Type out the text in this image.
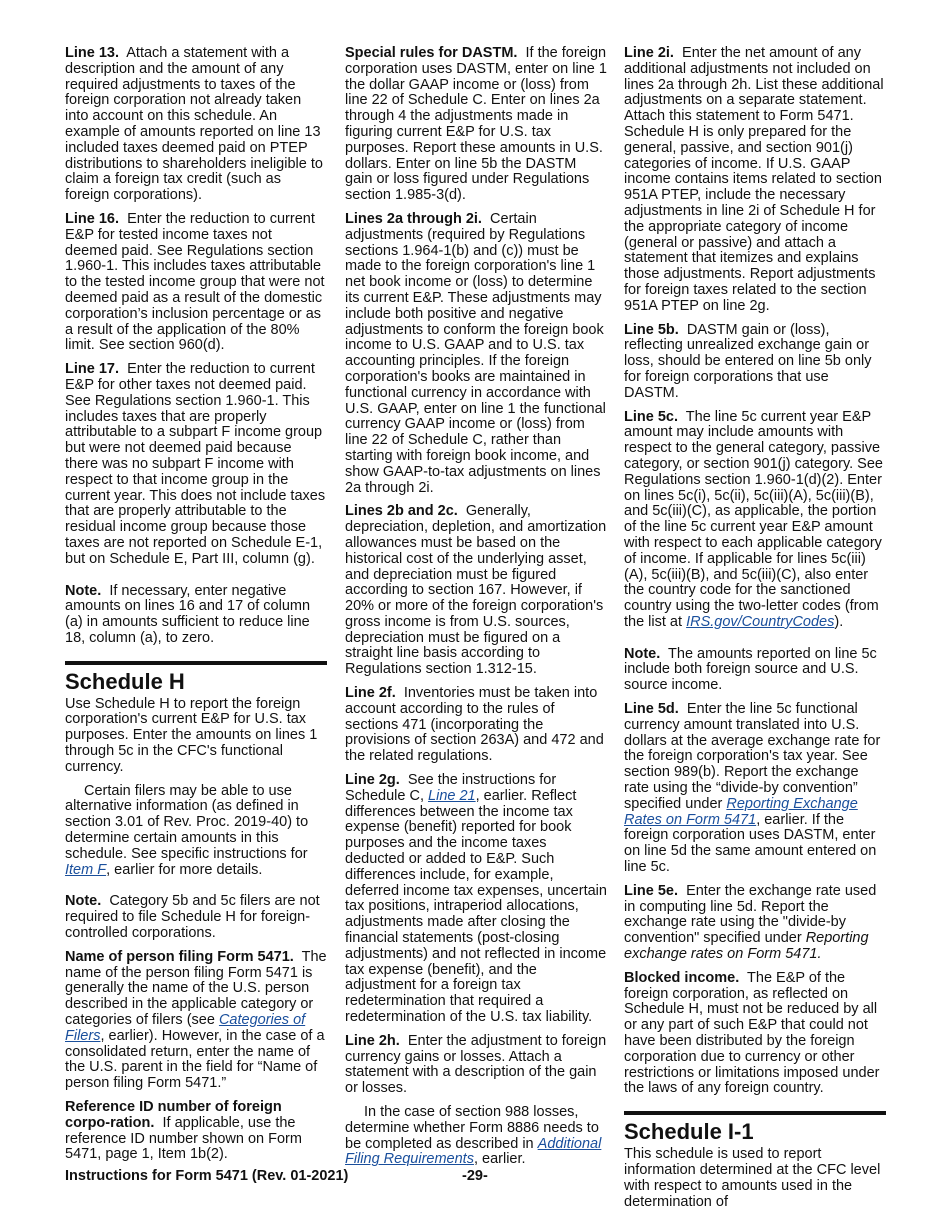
Line 13. Attach a statement with a description and the amount of any required adjustments to taxes of the foreign corporation not already taken into account on this schedule. An example of amounts reported on line 13 included taxes deemed paid on PTEP distributions to shareholders ineligible to claim a foreign tax credit (such as foreign corporations).

Line 16. Enter the reduction to current E&P for tested income taxes not deemed paid. See Regulations section 1.960-1. This includes taxes attributable to the tested income group that were not deemed paid as a result of the domestic corporation’s inclusion percentage or as a result of the application of the 80% limit. See section 960(d).

Line 17. Enter the reduction to current E&P for other taxes not deemed paid. See Regulations section 1.960-1. This includes taxes that are properly attributable to a subpart F income group but were not deemed paid because there was no subpart F income with respect to that income group in the current year. This does not include taxes that are properly attributable to the residual income group because those taxes are not reported on Schedule E-1, but on Schedule E, Part III, column (g).

Note. If necessary, enter negative amounts on lines 16 and 17 of column (a) in amounts sufficient to reduce line 18, column (a), to zero.

Schedule H

Use Schedule H to report the foreign corporation's current E&P for U.S. tax purposes. Enter the amounts on lines 1 through 5c in the CFC's functional currency.

Certain filers may be able to use alternative information (as defined in section 3.01 of Rev. Proc. 2019-40) to determine certain amounts in this schedule. See specific instructions for Item F, earlier for more details.

Note. Category 5b and 5c filers are not required to file Schedule H for foreign-controlled corporations.

Name of person filing Form 5471. The name of the person filing Form 5471 is generally the name of the U.S. person described in the applicable category or categories of filers (see Categories of Filers, earlier). However, in the case of a consolidated return, enter the name of the U.S. parent in the field for “Name of person filing Form 5471.”

Reference ID number of foreign corpo-ration. If applicable, use the reference ID number shown on Form 5471, page 1, Item 1b(2).

Special rules for DASTM. If the foreign corporation uses DASTM, enter on line 1 the dollar GAAP income or (loss) from line 22 of Schedule C. Enter on lines 2a through 4 the adjustments made in figuring current E&P for U.S. tax purposes. Report these amounts in U.S. dollars. Enter on line 5b the DASTM gain or loss figured under Regulations section 1.985-3(d).

Lines 2a through 2i. Certain adjustments (required by Regulations sections 1.964-1(b) and (c)) must be made to the foreign corporation's line 1 net book income or (loss) to determine its current E&P. These adjustments may include both positive and negative adjustments to conform the foreign book income to U.S. GAAP and to U.S. tax accounting principles. If the foreign corporation's books are maintained in functional currency in accordance with U.S. GAAP, enter on line 1 the functional currency GAAP income or (loss) from line 22 of Schedule C, rather than starting with foreign book income, and show GAAP-to-tax adjustments on lines 2a through 2i.

Lines 2b and 2c. Generally, depreciation, depletion, and amortization allowances must be based on the historical cost of the underlying asset, and depreciation must be figured according to section 167. However, if 20% or more of the foreign corporation's gross income is from U.S. sources, depreciation must be figured on a straight line basis according to Regulations section 1.312-15.

Line 2f. Inventories must be taken into account according to the rules of sections 471 (incorporating the provisions of section 263A) and 472 and the related regulations.

Line 2g. See the instructions for Schedule C, Line 21, earlier. Reflect differences between the income tax expense (benefit) reported for book purposes and the income taxes deducted or added to E&P. Such differences include, for example, deferred income tax expenses, uncertain tax positions, intraperiod allocations, adjustments made after closing the financial statements (post-closing adjustments) and not reflected in income tax expense (benefit), and the adjustment for a foreign tax redetermination that required a redetermination of the U.S. tax liability.

Line 2h. Enter the adjustment to foreign currency gains or losses. Attach a statement with a description of the gain or losses.

In the case of section 988 losses, determine whether Form 8886 needs to be completed as described in Additional Filing Requirements, earlier.

Line 2i. Enter the net amount of any additional adjustments not included on lines 2a through 2h. List these additional adjustments on a separate statement. Attach this statement to Form 5471. Schedule H is only prepared for the general, passive, and section 901(j) categories of income. If U.S. GAAP income contains items related to section 951A PTEP, include the necessary adjustments in line 2i of Schedule H for the appropriate category of income (general or passive) and attach a statement that itemizes and explains those adjustments. Report adjustments for foreign taxes related to the section 951A PTEP on line 2g.

Line 5b. DASTM gain or (loss), reflecting unrealized exchange gain or loss, should be entered on line 5b only for foreign corporations that use DASTM.

Line 5c. The line 5c current year E&P amount may include amounts with respect to the general category, passive category, or section 901(j) category. See Regulations section 1.960-1(d)(2). Enter on lines 5c(i), 5c(ii), 5c(iii)(A), 5c(iii)(B), and 5c(iii)(C), as applicable, the portion of the line 5c current year E&P amount with respect to each applicable category of income. If applicable for lines 5c(iii)(A), 5c(iii)(B), and 5c(iii)(C), also enter the country code for the sanctioned country using the two-letter codes (from the list at IRS.gov/CountryCodes).

Note. The amounts reported on line 5c include both foreign source and U.S. source income.

Line 5d. Enter the line 5c functional currency amount translated into U.S. dollars at the average exchange rate for the foreign corporation's tax year. See section 989(b). Report the exchange rate using the “divide-by convention” specified under Reporting Exchange Rates on Form 5471, earlier. If the foreign corporation uses DASTM, enter on line 5d the same amount entered on line 5c.

Line 5e. Enter the exchange rate used in computing line 5d. Report the exchange rate using the "divide-by convention" specified under Reporting exchange rates on Form 5471.

Blocked income. The E&P of the foreign corporation, as reflected on Schedule H, must not be reduced by all or any part of such E&P that could not have been distributed by the foreign corporation due to currency or other restrictions or limitations imposed under the laws of any foreign country.

Schedule I-1

This schedule is used to report information determined at the CFC level with respect to amounts used in the determination of

Instructions for Form 5471 (Rev. 01-2021)	-29-
